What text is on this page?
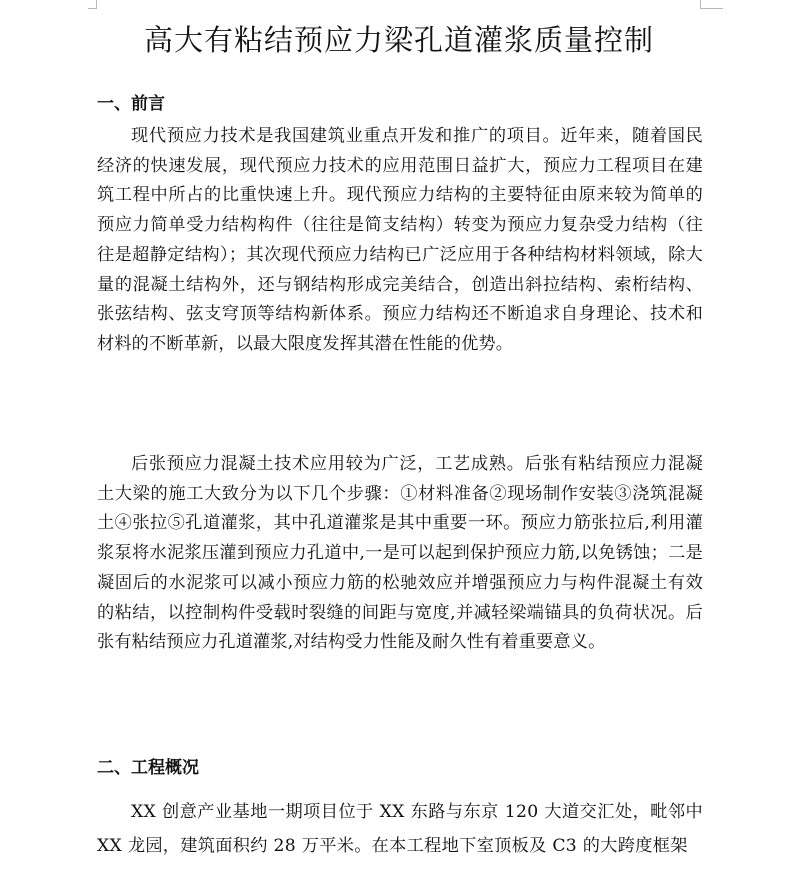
高大有粘结预应力梁孔道灌浆质量控制
一、前言

现代预应力技术是我国建筑业重点开发和推广的项目。近年来，随着国民经济的快速发展，现代预应力技术的应用范围日益扩大，预应力工程项目在建筑工程中所占的比重快速上升。现代预应力结构的主要特征由原来较为简单的预应力简单受力结构构件（往往是简支结构）转变为预应力复杂受力结构（往往是超静定结构）；其次现代预应力结构已广泛应用于各种结构材料领域，除大量的混凝土结构外，还与钢结构形成完美结合，创造出斜拉结构、索桁结构、张弦结构、弦支穹顶等结构新体系。预应力结构还不断追求自身理论、技术和材料的不断革新，以最大限度发挥其潜在性能的优势。

后张预应力混凝土技术应用较为广泛，工艺成熟。后张有粘结预应力混凝土大梁的施工大致分为以下几个步骤：①材料准备②现场制作安装③浇筑混凝土④张拉⑤孔道灌浆，其中孔道灌浆是其中重要一环。预应力筋张拉后,利用灌浆泵将水泥浆压灌到预应力孔道中,一是可以起到保护预应力筋,以免锈蚀；二是凝固后的水泥浆可以减小预应力筋的松驰效应并增强预应力与构件混凝土有效的粘结，以控制构件受载时裂缝的间距与宽度,并减轻梁端锚具的负荷状况。后张有粘结预应力孔道灌浆,对结构受力性能及耐久性有着重要意义。

二、工程概况

XX 创意产业基地一期项目位于 XX 东路与东京 120 大道交汇处，毗邻中 XX 龙园，建筑面积约 28 万平米。在本工程地下室顶板及 C3 的大跨度框架
